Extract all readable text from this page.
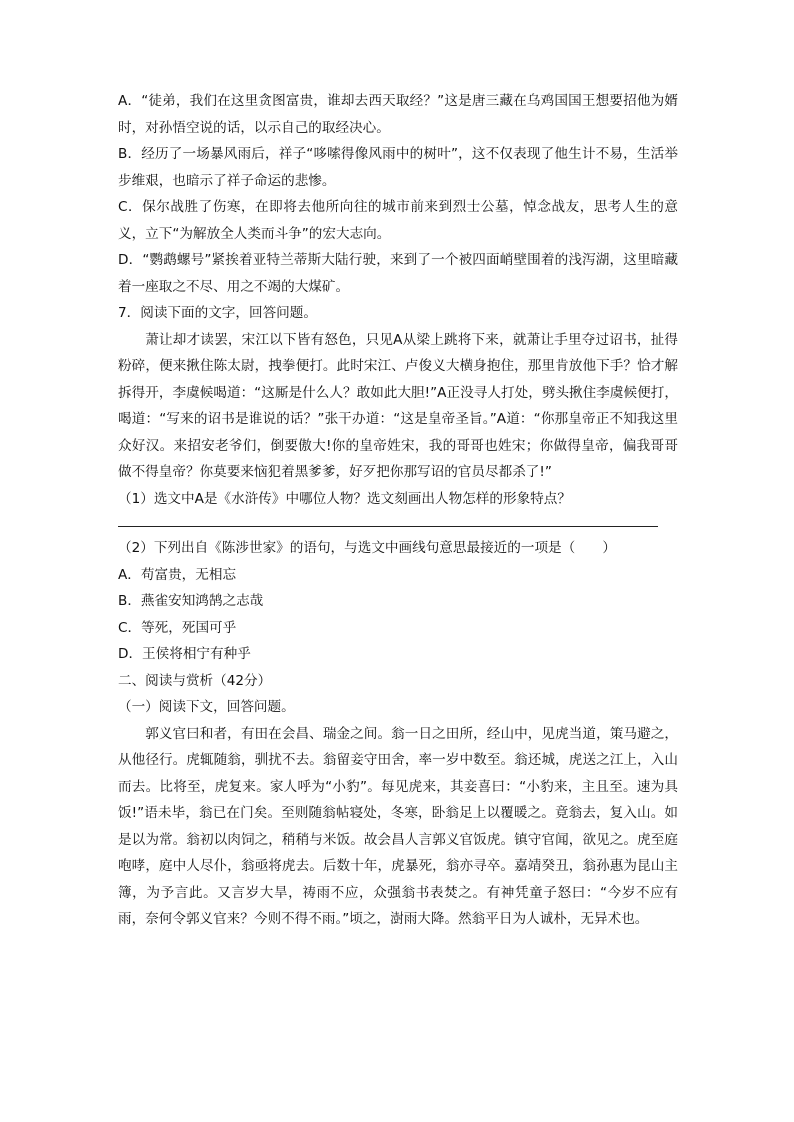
A．“徒弟，我们在这里贪图富贵，谁却去西天取经？”这是唐三藏在乌鸡国国王想要招他为婿时，对孙悟空说的话，以示自己的取经决心。

B．经历了一场暴风雨后，祥子“哆嗦得像风雨中的树叶”，这不仅表现了他生计不易，生活举步维艰，也暗示了祥子命运的悲惨。

C．保尔战胜了伤寒，在即将去他所向往的城市前来到烈士公墓，悼念战友，思考人生的意义，立下“为解放全人类而斗争”的宏大志向。

D．“鹦鹉螺号”紧挨着亚特兰蒂斯大陆行驶，来到了一个被四面峭壁围着的浅泻湖，这里暗藏着一座取之不尽、用之不竭的大煤矿。

7．阅读下面的文字，回答问题。

萧让却才读罢，宋江以下皆有怒色，只见A从梁上跳将下来，就萧让手里夺过诏书，扯得粉碎，便来揪住陈太尉，拽拳便打。此时宋江、卢俊义大横身抱住，那里肯放他下手？恰才解拆得开，李虞候喝道：“这厮是什么人？敢如此大胆!”A正没寻人打处，劈头揪住李虞候便打，喝道：“写来的诏书是谁说的话？”张干办道：“这是皇帝圣旨。”A道：“你那皇帝正不知我这里众好汉。来招安老爷们，倒要傲大!你的皇帝姓宋，我的哥哥也姓宋；你做得皇帝，偏我哥哥做不得皇帝？你莫要来恼犯着黑爹爹，好歹把你那写诏的官员尽都杀了!”

（1）选文中A是《水浒传》中哪位人物？选文刻画出人物怎样的形象特点？

（2）下列出自《陈涉世家》的语句，与选文中画线句意思最接近的一项是（　　）

A．苟富贵，无相忘

B．燕雀安知鸿鹄之志哉

C．等死，死国可乎

D．王侯将相宁有种乎

二、阅读与赏析（42分）

（一）阅读下文，回答问题。

郭义官曰和者，有田在会昌、瑞金之间。翁一日之田所，经山中，见虎当道，策马避之，从他径行。虎辄随翁，驯扰不去。翁留妾守田舍，率一岁中数至。翁还城，虎送之江上，入山而去。比将至，虎复来。家人呼为“小豹”。每见虎来，其妾喜曰：“小豹来，主且至。速为具饭!”语未毕，翁已在门矣。至则随翁帖寝处，冬寒，卧翁足上以覆暖之。竟翁去，复入山。如是以为常。翁初以肉饲之，稍稍与米饭。故会昌人言郭义官饭虎。镇守官闻，欲见之。虎至庭咆哮，庭中人尽仆，翁亟将虎去。后数十年，虎暴死，翁亦寻卒。嘉靖癸丑，翁孙惠为昆山主簿，为予言此。又言岁大旱，祷雨不应，众强翁书表焚之。有神凭童子怒曰：“今岁不应有雨，奈何令郭义官来？今则不得不雨。”顷之，澍雨大降。然翁平日为人诚朴，无异术也。
